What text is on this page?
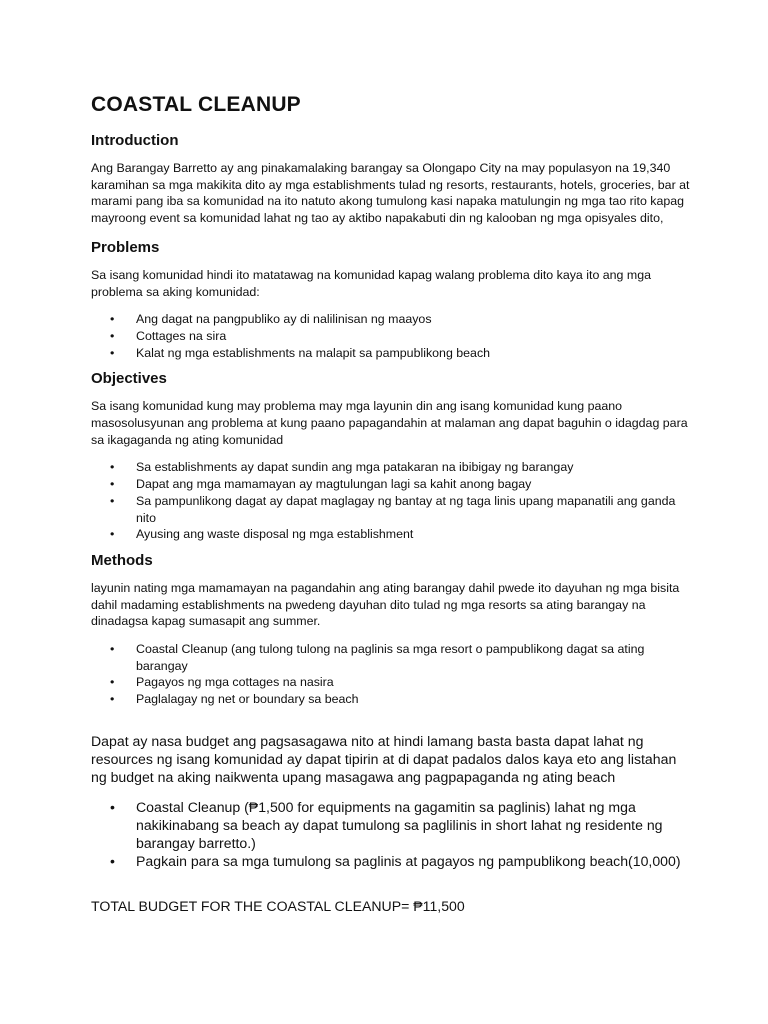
COASTAL CLEANUP
Introduction

Ang Barangay Barretto ay ang pinakamalaking barangay sa Olongapo City na may populasyon na 19,340 karamihan sa mga makikita dito ay mga establishments tulad ng resorts, restaurants, hotels, groceries, bar at marami pang iba sa komunidad na ito natuto akong tumulong kasi napaka matulungin ng mga tao rito kapag mayroong event sa komunidad lahat ng tao ay aktibo napakabuti din ng kalooban ng mga opisyales dito,

Problems

Sa isang komunidad hindi ito matatawag na komunidad kapag walang problema dito kaya ito ang mga problema sa aking komunidad:

• Ang dagat na pangpubliko ay di nalilinisan ng maayos
• Cottages na sira
• Kalat ng mga establishments na malapit sa pampublikong beach
Objectives

Sa isang komunidad kung may problema may mga layunin din ang isang komunidad kung paano masosolusyunan ang problema at kung paano papagandahin at malaman ang dapat baguhin o idagdag para sa ikagaganda ng ating komunidad

• Sa establishments ay dapat sundin ang mga patakaran na ibibigay ng barangay
• Dapat ang mga mamamayan ay magtulungan lagi sa kahit anong bagay
• Sa pampunlikong dagat ay dapat maglagay ng bantay at ng taga linis upang mapanatili ang ganda nito
• Ayusing ang waste disposal ng mga establishment
Methods

layunin nating mga mamamayan na pagandahin ang ating barangay dahil pwede ito dayuhan ng mga bisita dahil madaming establishments na pwedeng dayuhan dito tulad ng mga resorts sa ating barangay na dinadagsa kapag sumasapit ang summer.

• Coastal Cleanup (ang tulong tulong na paglinis sa mga resort o pampublikong dagat sa ating barangay
• Pagayos ng mga cottages na nasira
• Paglalagay ng net or boundary sa beach

Dapat ay nasa budget ang pagsasagawa nito at hindi lamang basta basta dapat lahat ng resources ng isang komunidad ay dapat tipirin at di dapat padalos dalos kaya eto ang listahan ng budget na aking naikwenta upang masagawa ang pagpapaganda ng ating beach

• Coastal Cleanup (₱1,500 for equipments na gagamitin sa paglinis) lahat ng mga nakikinabang sa beach ay dapat tumulong sa paglilinis in short lahat ng residente ng barangay barretto.)
• Pagkain para sa mga tumulong sa paglinis at pagayos ng pampublikong beach(10,000)

TOTAL BUDGET FOR THE COASTAL CLEANUP= ₱11,500
